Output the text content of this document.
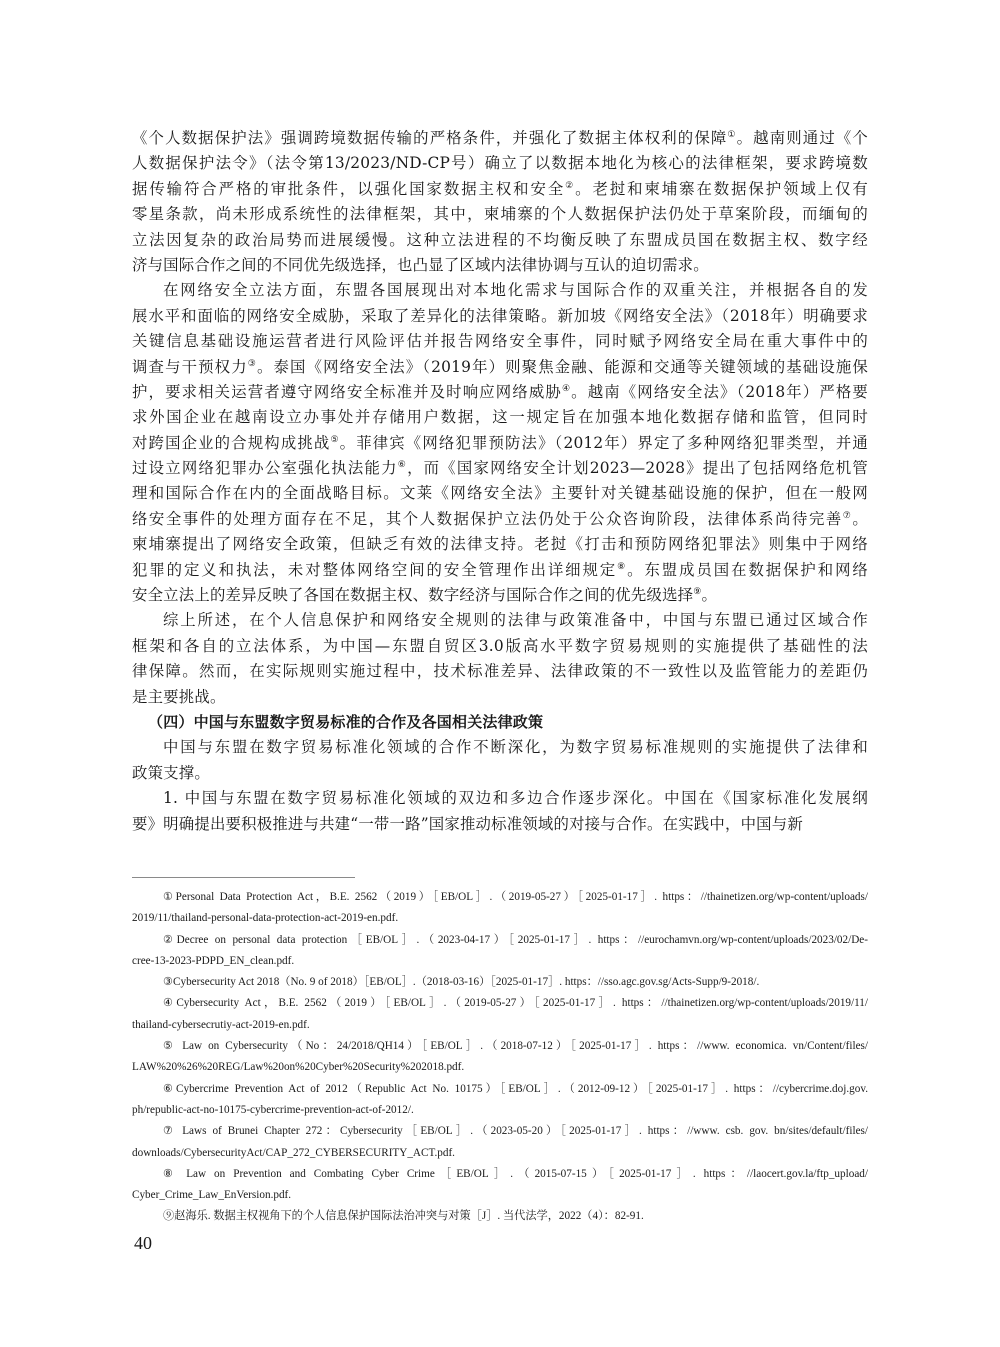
《个人数据保护法》强调跨境数据传输的严格条件，并强化了数据主体权利的保障①。越南则通过《个
人数据保护法令》（法令第13/2023/ND-CP号）确立了以数据本地化为核心的法律框架，要求跨境数
据传输符合严格的审批条件，以强化国家数据主权和安全②。老挝和柬埔寨在数据保护领域上仅有
零星条款，尚未形成系统性的法律框架，其中，柬埔寨的个人数据保护法仍处于草案阶段，而缅甸的
立法因复杂的政治局势而进展缓慢。这种立法进程的不均衡反映了东盟成员国在数据主权、数字经
济与国际合作之间的不同优先级选择，也凸显了区域内法律协调与互认的迫切需求。
在网络安全立法方面，东盟各国展现出对本地化需求与国际合作的双重关注，并根据各自的发
展水平和面临的网络安全威胁，采取了差异化的法律策略。新加坡《网络安全法》（2018年）明确要求
关键信息基础设施运营者进行风险评估并报告网络安全事件，同时赋予网络安全局在重大事件中的
调查与干预权力③。泰国《网络安全法》（2019年）则聚焦金融、能源和交通等关键领域的基础设施保
护，要求相关运营者遵守网络安全标准并及时响应网络威胁④。越南《网络安全法》（2018年）严格要
求外国企业在越南设立办事处并存储用户数据，这一规定旨在加强本地化数据存储和监管，但同时
对跨国企业的合规构成挑战⑤。菲律宾《网络犯罪预防法》（2012年）界定了多种网络犯罪类型，并通
过设立网络犯罪办公室强化执法能力⑥，而《国家网络安全计划2023—2028》提出了包括网络危机管
理和国际合作在内的全面战略目标。文莱《网络安全法》主要针对关键基础设施的保护，但在一般网
络安全事件的处理方面存在不足，其个人数据保护立法仍处于公众咨询阶段，法律体系尚待完善⑦。
柬埔寨提出了网络安全政策，但缺乏有效的法律支持。老挝《打击和预防网络犯罪法》则集中于网络
犯罪的定义和执法，未对整体网络空间的安全管理作出详细规定⑧。东盟成员国在数据保护和网络
安全立法上的差异反映了各国在数据主权、数字经济与国际合作之间的优先级选择⑨。
综上所述，在个人信息保护和网络安全规则的法律与政策准备中，中国与东盟已通过区域合作
框架和各自的立法体系，为中国—东盟自贸区3.0版高水平数字贸易规则的实施提供了基础性的法
律保障。然而，在实际规则实施过程中，技术标准差异、法律政策的不一致性以及监管能力的差距仍
是主要挑战。
（四）中国与东盟数字贸易标准的合作及各国相关法律政策
中国与东盟在数字贸易标准化领域的合作不断深化，为数字贸易标准规则的实施提供了法律和
政策支撑。
1. 中国与东盟在数字贸易标准化领域的双边和多边合作逐步深化。中国在《国家标准化发展纲
要》明确提出要积极推进与共建“一带一路”国家推动标准领域的对接与合作。在实践中，中国与新
①Personal Data Protection Act，B.E. 2562（2019）［EB/OL］.（2019-05-27）［2025-01-17］. https：//thainetizen.org/wp-content/uploads/
2019/11/thailand-personal-data-protection-act-2019-en.pdf.
②Decree on personal data protection［EB/OL］.（2023-04-17）［2025-01-17］. https：//eurochamvn.org/wp-content/uploads/2023/02/De-
cree-13-2023-PDPD_EN_clean.pdf.
③Cybersecurity Act 2018（No. 9 of 2018）［EB/OL］.（2018-03-16）［2025-01-17］. https：//sso.agc.gov.sg/Acts-Supp/9-2018/.
④Cybersecurity Act，B.E. 2562（2019）［EB/OL］.（2019-05-27）［2025-01-17］. https：//thainetizen.org/wp-content/uploads/2019/11/
thailand-cybersecrutiy-act-2019-en.pdf.
⑤ Law on Cybersecurity（No：24/2018/QH14）［EB/OL］.（2018-07-12）［2025-01-17］. https：//www. economica. vn/Content/files/
LAW%20%26%20REG/Law%20on%20Cyber%20Security%202018.pdf.
⑥Cybercrime Prevention Act of 2012（Republic Act No. 10175）［EB/OL］.（2012-09-12）［2025-01-17］. https：//cybercrime.doj.gov.
ph/republic-act-no-10175-cybercrime-prevention-act-of-2012/.
⑦ Laws of Brunei Chapter 272：Cybersecurity［EB/OL］.（2023-05-20）［2025-01-17］. https：//www. csb. gov. bn/sites/default/files/
downloads/CybersecurityAct/CAP_272_CYBERSECURITY_ACT.pdf.
⑧ Law on Prevention and Combating Cyber Crime［EB/OL］.（2015-07-15）［2025-01-17］. https：//laocert.gov.la/ftp_upload/
Cyber_Crime_Law_EnVersion.pdf.
⑨赵海乐. 数据主权视角下的个人信息保护国际法治冲突与对策［J］. 当代法学，2022（4）：82-91.
40
